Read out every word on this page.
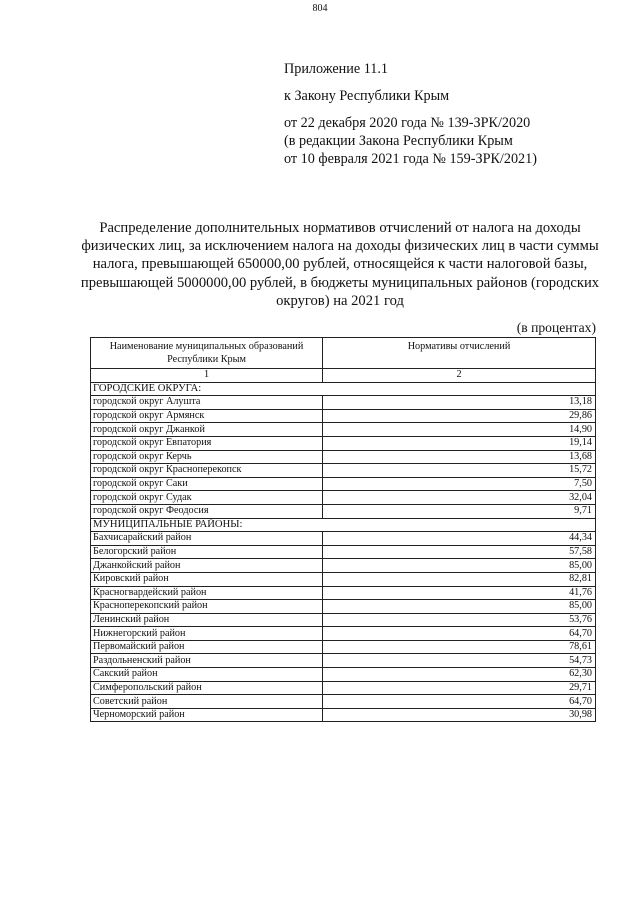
804
Приложение 11.1
к Закону Республики Крым
от 22 декабря 2020 года № 139-ЗРК/2020
(в редакции Закона Республики Крым
от 10 февраля 2021 года № 159-ЗРК/2021)
Распределение дополнительных нормативов отчислений от налога на доходы физических лиц, за исключением налога на доходы физических лиц в части суммы налога, превышающей 650000,00 рублей, относящейся к части налоговой базы, превышающей 5000000,00 рублей, в бюджеты муниципальных районов (городских округов) на 2021 год
(в процентах)
Наименование муниципальных образований Республики Крым	Нормативы отчислений
1	2
ГОРОДСКИЕ ОКРУГА:	
городской округ Алушта	13,18
городской округ Армянск	29,86
городской округ Джанкой	14,90
городской округ Евпатория	19,14
городской округ Керчь	13,68
городской округ Красноперекопск	15,72
городской округ Саки	7,50
городской округ Судак	32,04
городской округ Феодосия	9,71
МУНИЦИПАЛЬНЫЕ РАЙОНЫ:	
Бахчисарайский район	44,34
Белогорский район	57,58
Джанкойский район	85,00
Кировский район	82,81
Красногвардейский район	41,76
Красноперекопский район	85,00
Ленинский район	53,76
Нижнегорский район	64,70
Первомайский район	78,61
Раздольненский район	54,73
Сакский район	62,30
Симферопольский район	29,71
Советский район	64,70
Черноморский район	30,98
